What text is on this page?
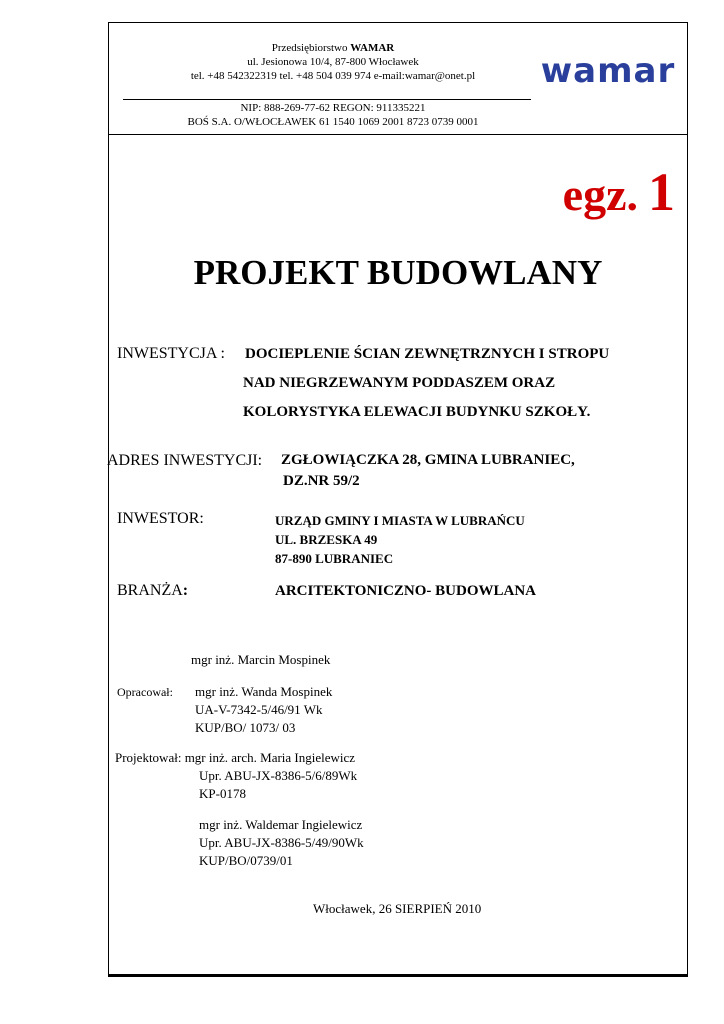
Przedsiębiorstwo WAMAR
ul. Jesionowa 10/4, 87-800 Włocławek
tel. +48 542322319 tel. +48 504 039 974 e-mail:wamar@onet.pl
NIP: 888-269-77-62 REGON: 911335221
BOŚ S.A. O/WŁOCŁAWEK 61 1540 1069 2001 8723 0739 0001
wamar
egz. 1
PROJEKT BUDOWLANY
INWESTYCJA : DOCIEPLENIE ŚCIAN ZEWNĘTRZNYCH I STROPU
NAD NIEGRZEWANYM PODDASZEM ORAZ
KOLORYSTYKA ELEWACJI BUDYNKU SZKOŁY.
ADRES INWESTYCJI: ZGŁOWIĄCZKA 28, GMINA LUBRANIEC,
DZ.NR 59/2
INWESTOR:	URZĄD GMINY I MIASTA W LUBRAŃCU
UL. BRZESKA 49
87-890 LUBRANIEC
BRANŻA:	ARCITEKTONICZNO- BUDOWLANA
mgr inż. Marcin Mospinek
Opracował: mgr inż. Wanda Mospinek
UA-V-7342-5/46/91 Wk
KUP/BO/ 1073/ 03
Projektował: mgr inż. arch. Maria Ingielewicz
Upr. ABU-JX-8386-5/6/89Wk
KP-0178
mgr inż. Waldemar Ingielewicz
Upr. ABU-JX-8386-5/49/90Wk
KUP/BO/0739/01
Włocławek, 26 SIERPIEŃ 2010
